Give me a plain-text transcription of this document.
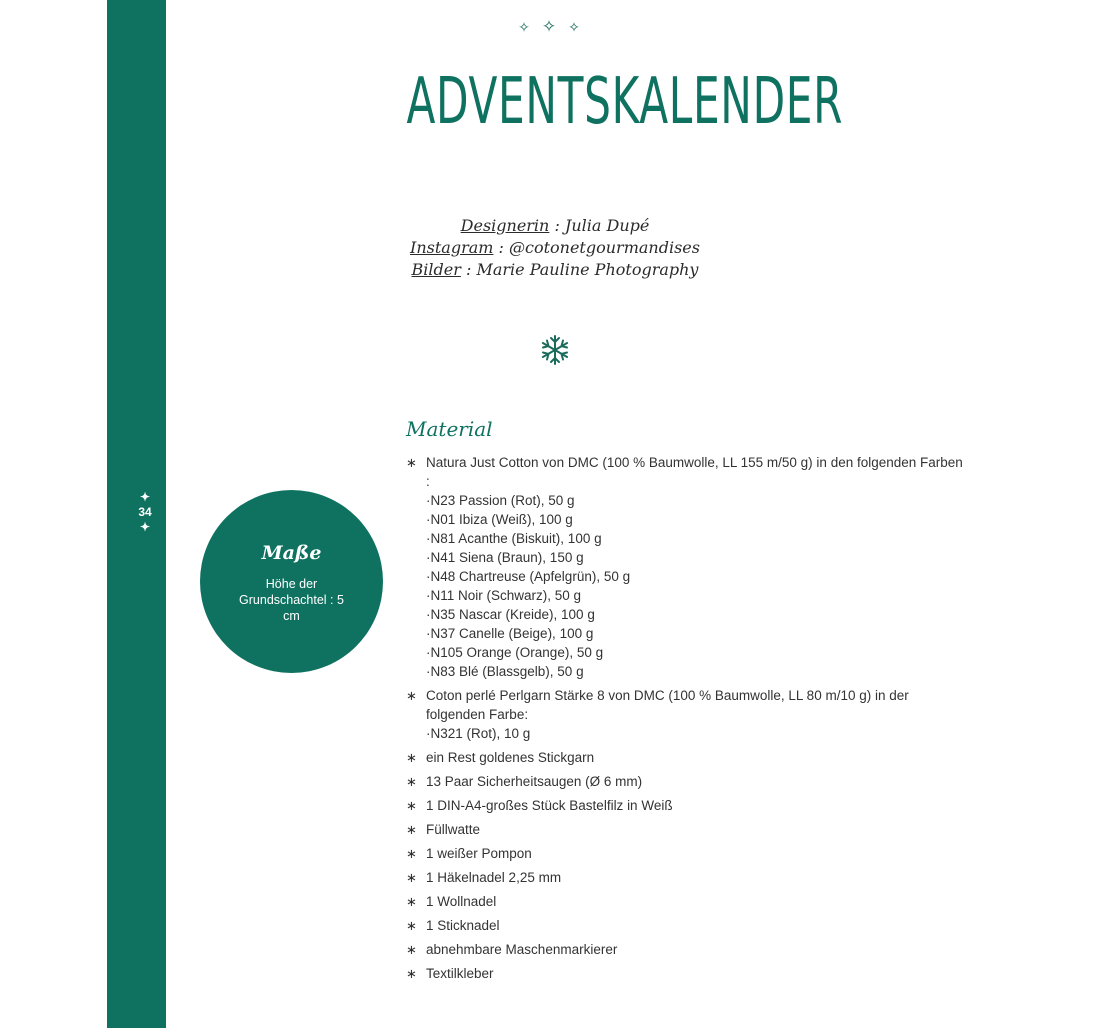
✦
34
✦
✧✧✧
ADVENTSKALENDER
Designerin : Julia Dupé
Instagram : @cotonetgourmandises
Bilder : Marie Pauline Photography
Maße
Höhe der Grundschachtel : 5 cm
Material
∗ Natura Just Cotton von DMC (100 % Baumwolle, LL 155 m/50 g) in den folgenden Farben :
·N23 Passion (Rot), 50 g
·N01 Ibiza (Weiß), 100 g
·N81 Acanthe (Biskuit), 100 g
·N41 Siena (Braun), 150 g
·N48 Chartreuse (Apfelgrün), 50 g
·N11 Noir (Schwarz), 50 g
·N35 Nascar (Kreide), 100 g
·N37 Canelle (Beige), 100 g
·N105 Orange (Orange), 50 g
·N83 Blé (Blassgelb), 50 g
∗ Coton perlé Perlgarn Stärke 8 von DMC (100 % Baumwolle, LL 80 m/10 g) in der folgenden Farbe:
·N321 (Rot), 10 g
∗ ein Rest goldenes Stickgarn
∗ 13 Paar Sicherheitsaugen (Ø 6 mm)
∗ 1 DIN-A4-großes Stück Bastelfilz in Weiß
∗ Füllwatte
∗ 1 weißer Pompon
∗ 1 Häkelnadel 2,25 mm
∗ 1 Wollnadel
∗ 1 Sticknadel
∗ abnehmbare Maschenmarkierer
∗ Textilkleber
